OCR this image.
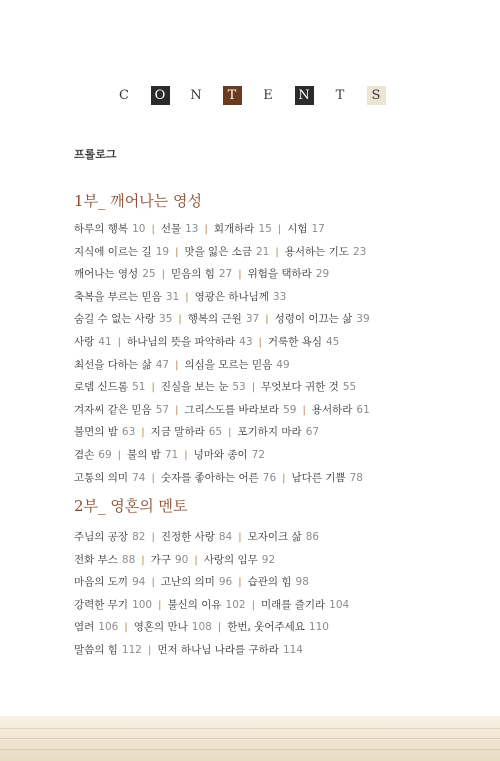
C	O	N	T	E	N	T	S
프롤로그
1부_ 깨어나는 영성
하루의 행복 10 | 선물 13 | 회개하라 15 | 시험 17
지식에 이르는 길 19 | 맛을 잃은 소금 21 | 용서하는 기도 23
깨어나는 영성 25 | 믿음의 힘 27 | 위험을 택하라 29
축복을 부르는 믿음 31 | 영광은 하나님께 33
숨길 수 없는 사랑 35 | 행복의 근원 37 | 성령이 이끄는 삶 39
사랑 41 | 하나님의 뜻을 파악하라 43 | 거룩한 욕심 45
최선을 다하는 삶 47 | 의심을 모르는 믿음 49
로뎀 신드롬 51 | 진실을 보는 눈 53 | 무엇보다 귀한 것 55
겨자씨 같은 믿음 57 | 그리스도를 바라보라 59 | 용서하라 61
불면의 밤 63 | 지금 말하라 65 | 포기하지 마라 67
겸손 69 | 불의 밤 71 | 넝마와 종이 72
고통의 의미 74 | 숫자를 좋아하는 어른 76 | 남다른 기쁨 78
2부_ 영혼의 멘토
주님의 공장 82 | 진정한 사랑 84 | 모자이크 삶 86
전화 부스 88 | 가구 90 | 사랑의 임무 92
마음의 도끼 94 | 고난의 의미 96 | 습관의 힘 98
강력한 무기 100 | 불신의 이유 102 | 미래를 즐기라 104
염려 106 | 영혼의 만나 108 | 한번, 웃어주세요 110
말씀의 힘 112 | 먼저 하나님 나라를 구하라 114
